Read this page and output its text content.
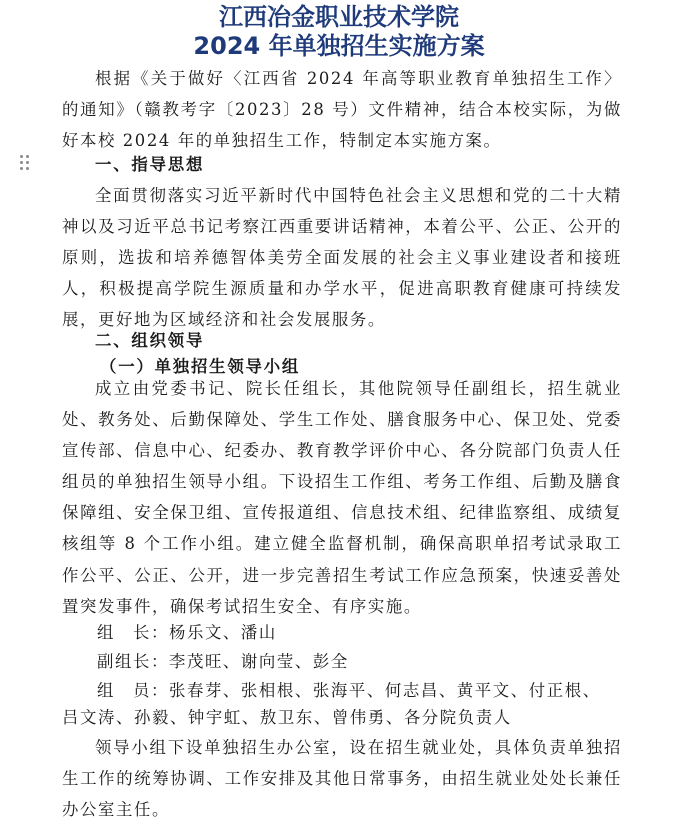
江西冶金职业技术学院
2024 年单独招生实施方案

根据《关于做好〈江西省 2024 年高等职业教育单独招生工作〉的通知》（赣教考字〔2023〕28 号）文件精神，结合本校实际，为做好本校 2024 年的单独招生工作，特制定本实施方案。

一、指导思想

全面贯彻落实习近平新时代中国特色社会主义思想和党的二十大精神以及习近平总书记考察江西重要讲话精神，本着公平、公正、公开的原则，选拔和培养德智体美劳全面发展的社会主义事业建设者和接班人，积极提高学院生源质量和办学水平，促进高职教育健康可持续发展，更好地为区域经济和社会发展服务。

二、组织领导
（一）单独招生领导小组

成立由党委书记、院长任组长，其他院领导任副组长，招生就业处、教务处、后勤保障处、学生工作处、膳食服务中心、保卫处、党委宣传部、信息中心、纪委办、教育教学评价中心、各分院部门负责人任组员的单独招生领导小组。下设招生工作组、考务工作组、后勤及膳食保障组、安全保卫组、宣传报道组、信息技术组、纪律监察组、成绩复核组等 8 个工作小组。建立健全监督机制，确保高职单招考试录取工作公平、公正、公开，进一步完善招生考试工作应急预案，快速妥善处置突发事件，确保考试招生安全、有序实施。

组　长：杨乐文、潘山
副组长：李茂旺、谢向莹、彭全
组　员：张春芽、张相根、张海平、何志昌、黄平文、付正根、
吕文涛、孙毅、钟宇虹、敖卫东、曾伟勇、各分院负责人

领导小组下设单独招生办公室，设在招生就业处，具体负责单独招生工作的统筹协调、工作安排及其他日常事务，由招生就业处处长兼任办公室主任。
